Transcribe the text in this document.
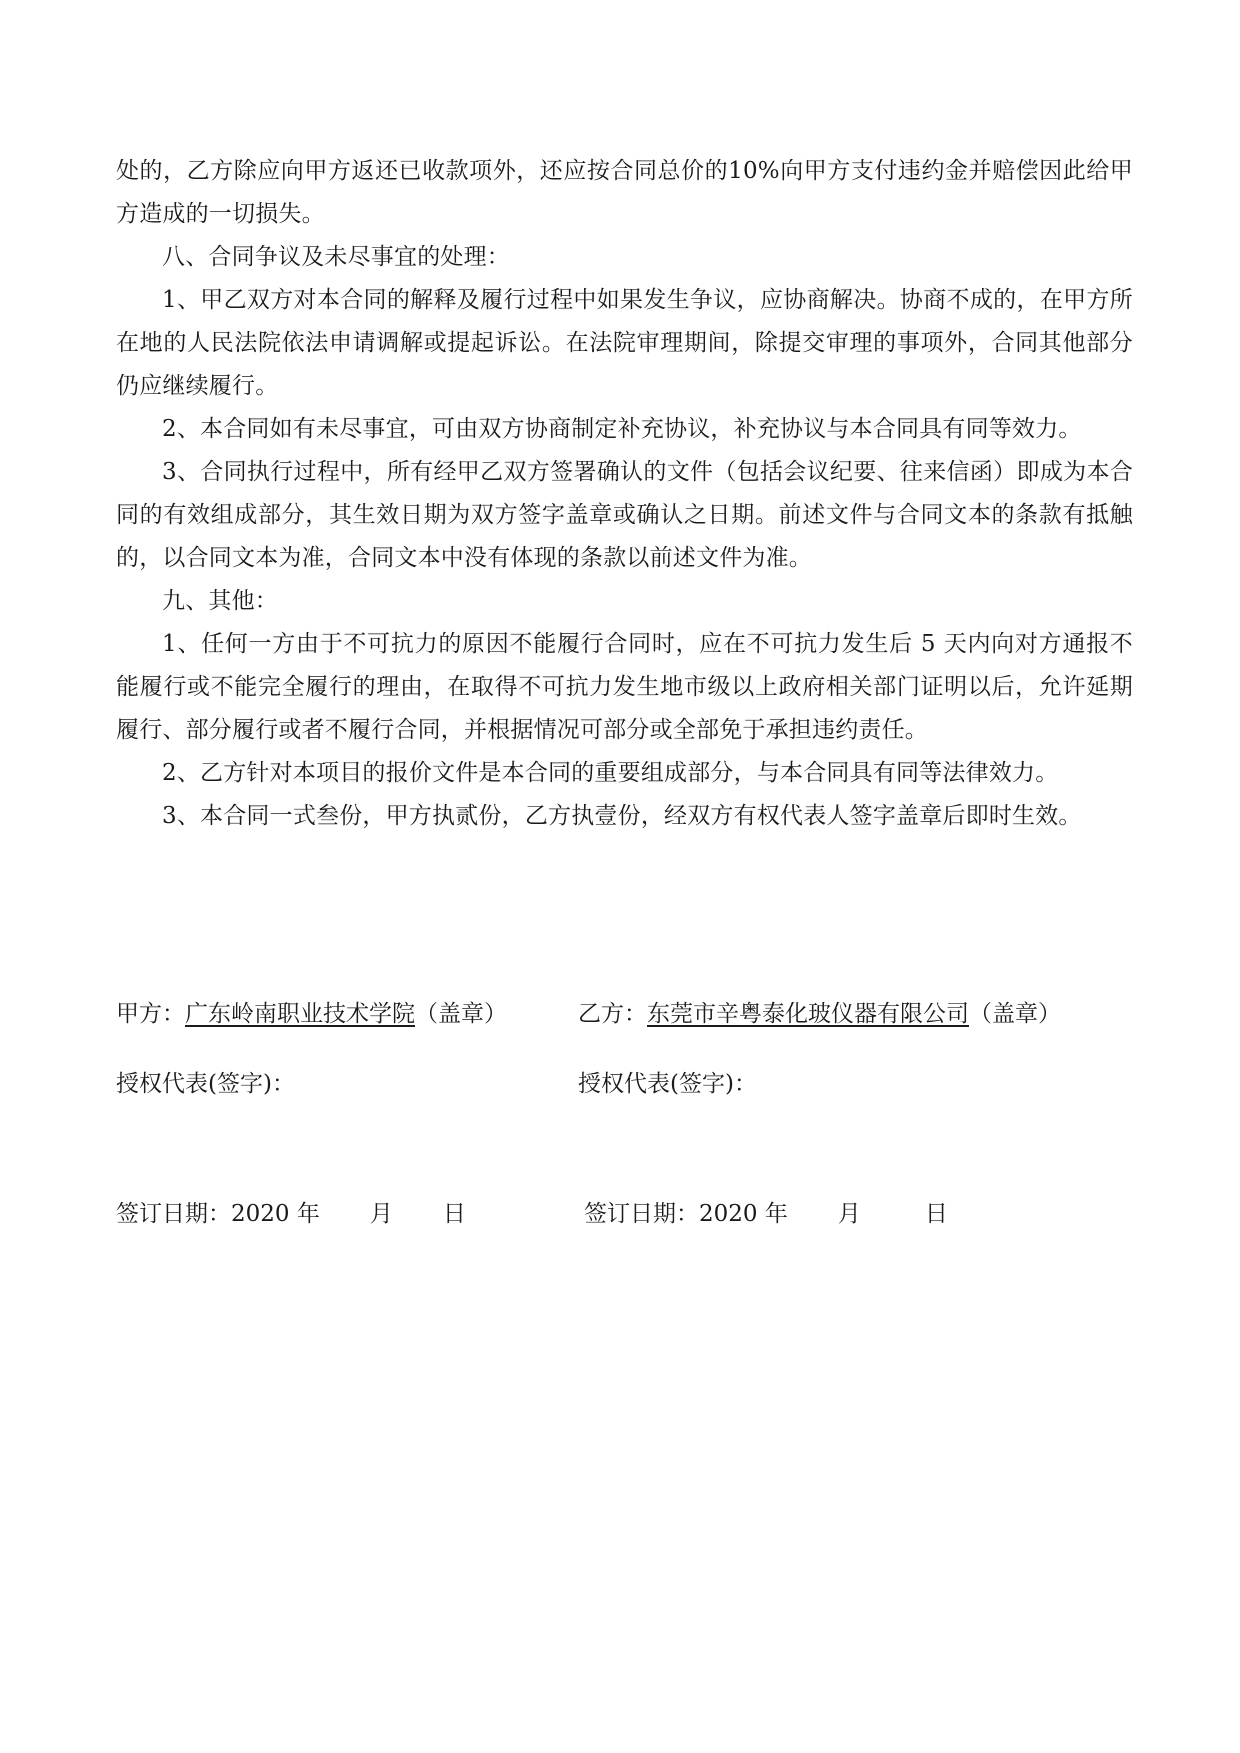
处的，乙方除应向甲方返还已收款项外，还应按合同总价的10%向甲方支付违约金并赔偿因此给甲方造成的一切损失。

八、合同争议及未尽事宜的处理：

1、甲乙双方对本合同的解释及履行过程中如果发生争议，应协商解决。协商不成的，在甲方所在地的人民法院依法申请调解或提起诉讼。在法院审理期间，除提交审理的事项外，合同其他部分仍应继续履行。

2、本合同如有未尽事宜，可由双方协商制定补充协议，补充协议与本合同具有同等效力。

3、合同执行过程中，所有经甲乙双方签署确认的文件（包括会议纪要、往来信函）即成为本合同的有效组成部分，其生效日期为双方签字盖章或确认之日期。前述文件与合同文本的条款有抵触的，以合同文本为准，合同文本中没有体现的条款以前述文件为准。

九、其他：

1、任何一方由于不可抗力的原因不能履行合同时，应在不可抗力发生后 5 天内向对方通报不能履行或不能完全履行的理由，在取得不可抗力发生地市级以上政府相关部门证明以后，允许延期履行、部分履行或者不履行合同，并根据情况可部分或全部免于承担违约责任。

2、乙方针对本项目的报价文件是本合同的重要组成部分，与本合同具有同等法律效力。

3、本合同一式叁份，甲方执贰份，乙方执壹份，经双方有权代表人签字盖章后即时生效。

甲方：广东岭南职业技术学院（盖章）
授权代表(签字)：
签订日期：2020 年 月 日
乙方：东莞市辛粤泰化玻仪器有限公司（盖章）
授权代表(签字)：
签订日期：2020 年 月	日
